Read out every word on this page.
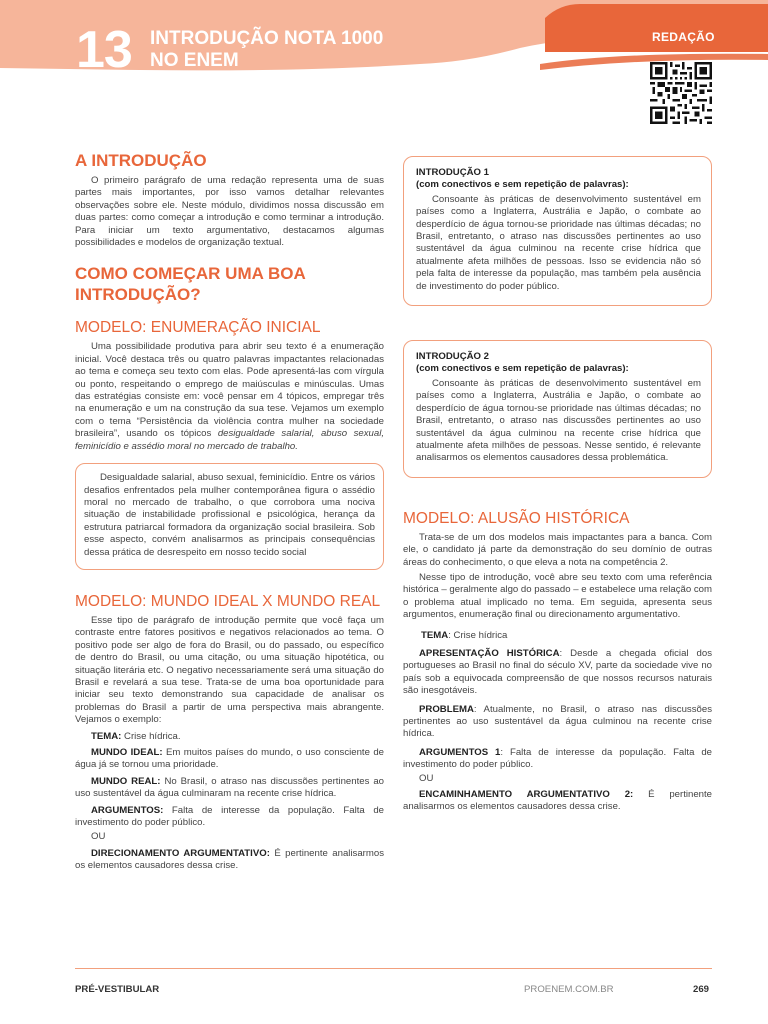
13 INTRODUÇÃO NOTA 1000
NO ENEM
REDAÇÃO
A INTRODUÇÃO

O primeiro parágrafo de uma redação representa uma de suas partes mais importantes, por isso vamos detalhar relevantes observações sobre ele. Neste módulo, dividimos nossa discussão em duas partes: como começar a introdução e como terminar a introdução. Para iniciar um texto argumentativo, destacamos algumas possibilidades e modelos de organização textual.

COMO COMEÇAR UMA BOA INTRODUÇÃO?
MODELO: ENUMERAÇÃO INICIAL

Uma possibilidade produtiva para abrir seu texto é a enumeração inicial. Você destaca três ou quatro palavras impactantes relacionadas ao tema e começa seu texto com elas. Pode apresentá-las com vírgula ou ponto, respeitando o emprego de maiúsculas e minúsculas. Umas das estratégias consiste em: você pensar em 4 tópicos, empregar três na enumeração e um na construção da sua tese. Vejamos um exemplo com o tema “Persistência da violência contra mulher na sociedade brasileira”, usando os tópicos desigualdade salarial, abuso sexual, feminicídio e assédio moral no mercado de trabalho.

Desigualdade salarial, abuso sexual, feminicídio. Entre os vários desafios enfrentados pela mulher contemporânea figura o assédio moral no mercado de trabalho, o que corrobora uma nociva situação de instabilidade profissional e psicológica, herança da estrutura patriarcal formadora da organização social brasileira. Sob esse aspecto, convém analisarmos as principais consequências dessa prática de desrespeito em nosso tecido social

MODELO: MUNDO IDEAL X MUNDO REAL

Esse tipo de parágrafo de introdução permite que você faça um contraste entre fatores positivos e negativos relacionados ao tema. O positivo pode ser algo de fora do Brasil, ou do passado, ou específico de dentro do Brasil, ou uma citação, ou uma situação hipotética, ou situação literária etc. O negativo necessariamente será uma situação do Brasil e revelará a sua tese. Trata-se de uma boa oportunidade para iniciar seu texto demonstrando sua capacidade de analisar os problemas do Brasil a partir de uma perspectiva mais abrangente. Vejamos o exemplo:

TEMA: Crise hídrica.

MUNDO IDEAL: Em muitos países do mundo, o uso consciente de água já se tornou uma prioridade.

MUNDO REAL: No Brasil, o atraso nas discussões pertinentes ao uso sustentável da água culminaram na recente crise hídrica.

ARGUMENTOS: Falta de interesse da população. Falta de investimento do poder público.

OU

DIRECIONAMENTO ARGUMENTATIVO: É pertinente analisarmos os elementos causadores dessa crise.

INTRODUÇÃO 1
(com conectivos e sem repetição de palavras):

Consoante às práticas de desenvolvimento sustentável em países como a Inglaterra, Austrália e Japão, o combate ao desperdício de água tornou-se prioridade nas últimas décadas; no Brasil, entretanto, o atraso nas discussões pertinentes ao uso sustentável da água culminou na recente crise hídrica que atualmente afeta milhões de pessoas. Isso se evidencia não só pela falta de interesse da população, mas também pela ausência de investimento do poder público.

INTRODUÇÃO 2
(com conectivos e sem repetição de palavras):

Consoante às práticas de desenvolvimento sustentável em países como a Inglaterra, Austrália e Japão, o combate ao desperdício de água tornou-se prioridade nas últimas décadas; no Brasil, entretanto, o atraso nas discussões pertinentes ao uso sustentável da água culminou na recente crise hídrica que atualmente afeta milhões de pessoas. Nesse sentido, é relevante analisarmos os elementos causadores dessa problemática.

MODELO: ALUSÃO HISTÓRICA

Trata-se de um dos modelos mais impactantes para a banca. Com ele, o candidato já parte da demonstração do seu domínio de outras áreas do conhecimento, o que eleva a nota na competência 2.

Nesse tipo de introdução, você abre seu texto com uma referência histórica – geralmente algo do passado – e estabelece uma relação com o problema atual implicado no tema. Em seguida, apresenta seus argumentos, enumeração final ou direcionamento argumentativo.

TEMA: Crise hídrica

APRESENTAÇÃO HISTÓRICA: Desde a chegada oficial dos portugueses ao Brasil no final do século XV, parte da sociedade vive no país sob a equivocada compreensão de que nossos recursos naturais são inesgotáveis.

PROBLEMA: Atualmente, no Brasil, o atraso nas discussões pertinentes ao uso sustentável da água culminou na recente crise hídrica.

ARGUMENTOS 1: Falta de interesse da população. Falta de investimento do poder público.

OU

ENCAMINHAMENTO ARGUMENTATIVO 2: É pertinente analisarmos os elementos causadores dessa crise.

PRÉ-VESTIBULAR	PROENEM.COM.BR	269
